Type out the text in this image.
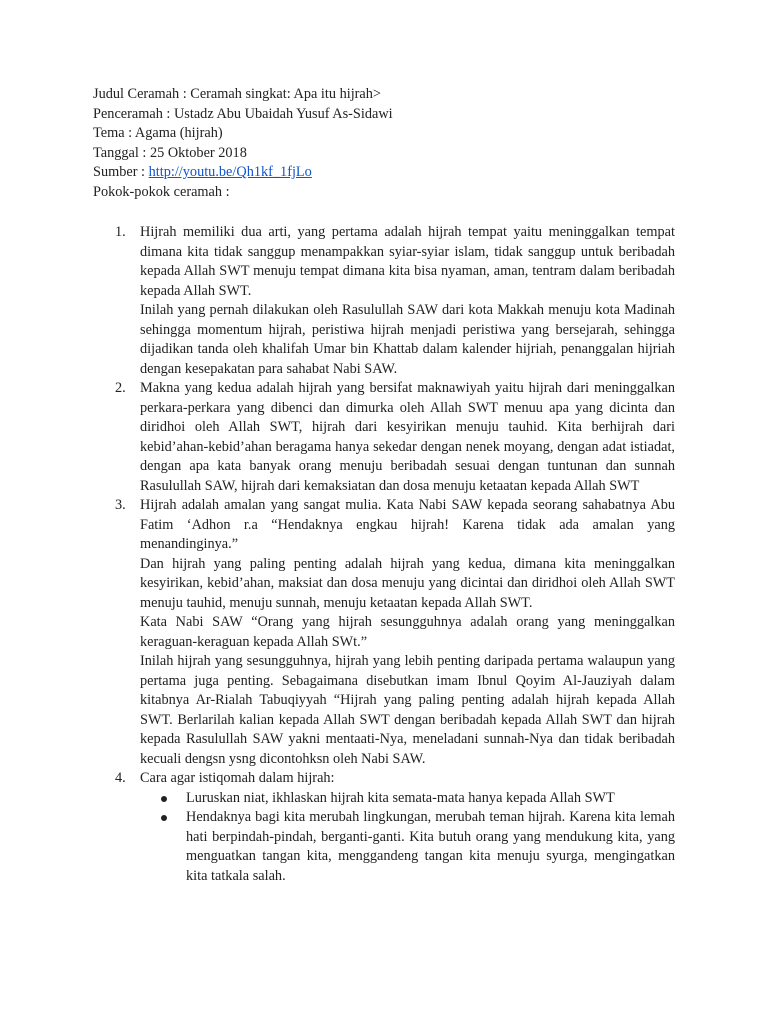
Judul Ceramah : Ceramah singkat: Apa itu hijrah>
Penceramah : Ustadz Abu Ubaidah Yusuf As-Sidawi
Tema : Agama (hijrah)
Tanggal : 25 Oktober 2018
Sumber : http://youtu.be/Qh1kf_1fjLo
Pokok-pokok ceramah :
1. Hijrah memiliki dua arti, yang pertama adalah hijrah tempat yaitu meninggalkan tempat dimana kita tidak sanggup menampakkan syiar-syiar islam, tidak sanggup untuk beribadah kepada Allah SWT menuju tempat dimana kita bisa nyaman, aman, tentram dalam beribadah kepada Allah SWT.

Inilah yang pernah dilakukan oleh Rasulullah SAW dari kota Makkah menuju kota Madinah sehingga momentum hijrah, peristiwa hijrah menjadi peristiwa yang bersejarah, sehingga dijadikan tanda oleh khalifah Umar bin Khattab dalam kalender hijriah, penanggalan hijriah dengan kesepakatan para sahabat Nabi SAW.

2. Makna yang kedua adalah hijrah yang bersifat maknawiyah yaitu hijrah dari meninggalkan perkara-perkara yang dibenci dan dimurka oleh Allah SWT menuu apa yang dicinta dan diridhoi oleh Allah SWT, hijrah dari kesyirikan menuju tauhid. Kita berhijrah dari kebid’ahan-kebid’ahan beragama hanya sekedar dengan nenek moyang, dengan adat istiadat, dengan apa kata banyak orang menuju beribadah sesuai dengan tuntunan dan sunnah Rasulullah SAW, hijrah dari kemaksiatan dan dosa menuju ketaatan kepada Allah SWT

3. Hijrah adalah amalan yang sangat mulia. Kata Nabi SAW kepada seorang sahabatnya Abu Fatim ‘Adhon r.a “Hendaknya engkau hijrah! Karena tidak ada amalan yang menandinginya.”

Dan hijrah yang paling penting adalah hijrah yang kedua, dimana kita meninggalkan kesyirikan, kebid’ahan, maksiat dan dosa menuju yang dicintai dan diridhoi oleh Allah SWT menuju tauhid, menuju sunnah, menuju ketaatan kepada Allah SWT.

Kata Nabi SAW “Orang yang hijrah sesungguhnya adalah orang yang meninggalkan keraguan-keraguan kepada Allah SWt.”

Inilah hijrah yang sesungguhnya, hijrah yang lebih penting daripada pertama walaupun yang pertama juga penting. Sebagaimana disebutkan imam Ibnul Qoyim Al-Jauziyah dalam kitabnya Ar-Rialah Tabuqiyyah “Hijrah yang paling penting adalah hijrah kepada Allah SWT. Berlarilah kalian kepada Allah SWT dengan beribadah kepada Allah SWT dan hijrah kepada Rasulullah SAW yakni mentaati-Nya, meneladani sunnah-Nya dan tidak beribadah kecuali dengsn ysng dicontohksn oleh Nabi SAW.

4. Cara agar istiqomah dalam hijrah:

Luruskan niat, ikhlaskan hijrah kita semata-mata hanya kepada Allah SWT
Hendaknya bagi kita merubah lingkungan, merubah teman hijrah. Karena kita lemah hati berpindah-pindah, berganti-ganti. Kita butuh orang yang mendukung kita, yang menguatkan tangan kita, menggandeng tangan kita menuju syurga, mengingatkan kita tatkala salah.
